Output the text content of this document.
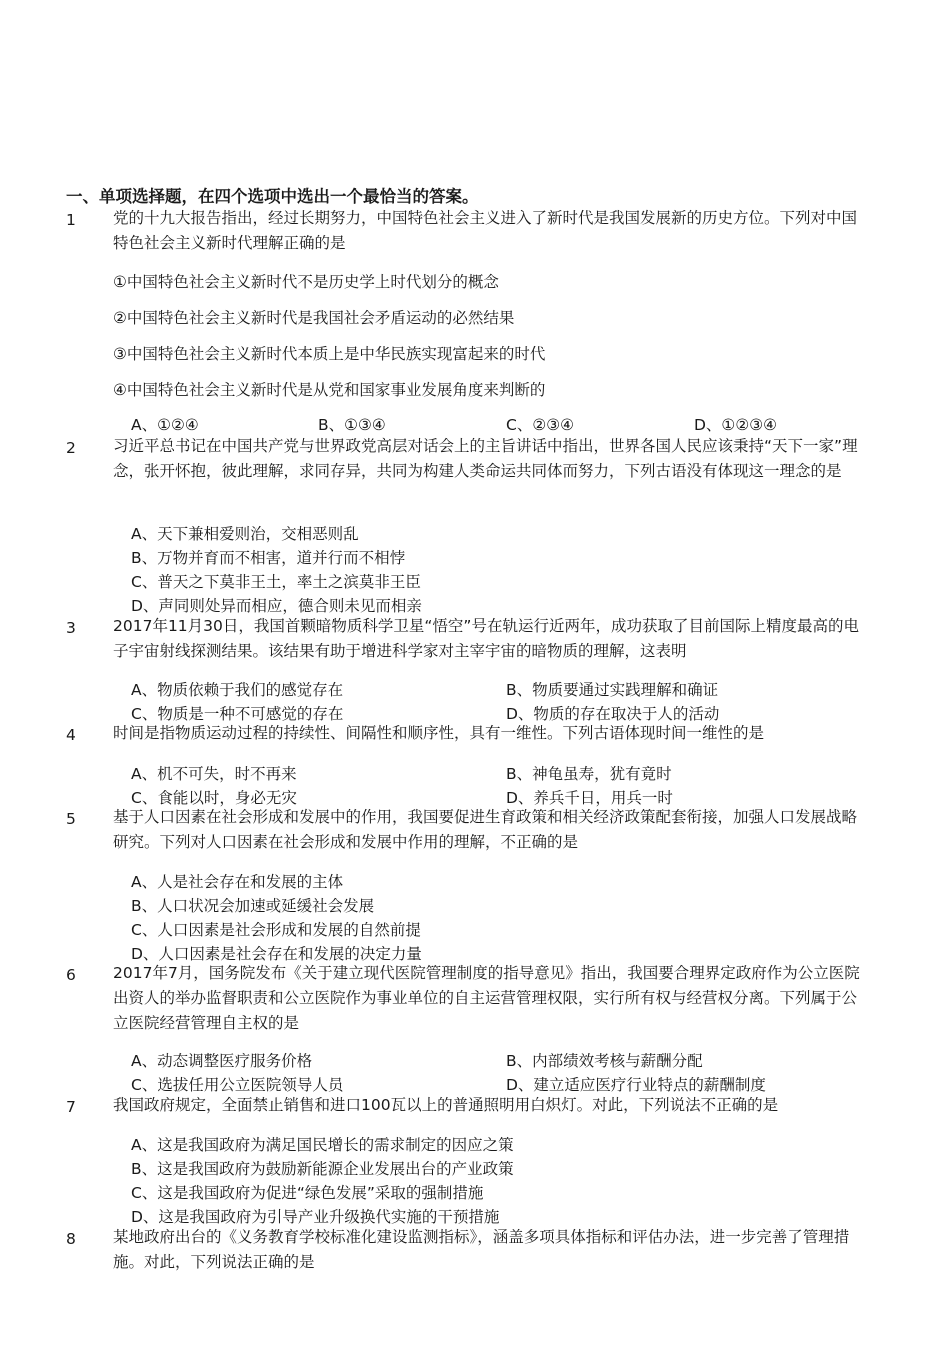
一、单项选择题，在四个选项中选出一个最恰当的答案。
1 党的十九大报告指出，经过长期努力，中国特色社会主义进入了新时代是我国发展新的历史方位。下列对中国特色社会主义新时代理解正确的是
①中国特色社会主义新时代不是历史学上时代划分的概念
②中国特色社会主义新时代是我国社会矛盾运动的必然结果
③中国特色社会主义新时代本质上是中华民族实现富起来的时代
④中国特色社会主义新时代是从党和国家事业发展角度来判断的
A、①②④	B、①③④	C、②③④	D、①②③④
2 习近平总书记在中国共产党与世界政党高层对话会上的主旨讲话中指出，世界各国人民应该秉持“天下一家”理念，张开怀抱，彼此理解，求同存异，共同为构建人类命运共同体而努力，下列古语没有体现这一理念的是
A、天下兼相爱则治，交相恶则乱
B、万物并育而不相害，道并行而不相悖
C、普天之下莫非王土，率土之滨莫非王臣
D、声同则处异而相应，德合则未见而相亲
3 2017年11月30日，我国首颗暗物质科学卫星“悟空”号在轨运行近两年，成功获取了目前国际上精度最高的电子宇宙射线探测结果。该结果有助于增进科学家对主宰宇宙的暗物质的理解，这表明
A、物质依赖于我们的感觉存在	B、物质要通过实践理解和确证
C、物质是一种不可感觉的存在	D、物质的存在取决于人的活动
4 时间是指物质运动过程的持续性、间隔性和顺序性，具有一维性。下列古语体现时间一维性的是
A、机不可失，时不再来	B、神龟虽寿，犹有竟时
C、食能以时，身必无灾	D、养兵千日，用兵一时
5 基于人口因素在社会形成和发展中的作用，我国要促进生育政策和相关经济政策配套衔接，加强人口发展战略研究。下列对人口因素在社会形成和发展中作用的理解，不正确的是
A、人是社会存在和发展的主体
B、人口状况会加速或延缓社会发展
C、人口因素是社会形成和发展的自然前提
D、人口因素是社会存在和发展的决定力量
6 2017年7月，国务院发布《关于建立现代医院管理制度的指导意见》指出，我国要合理界定政府作为公立医院出资人的举办监督职责和公立医院作为事业单位的自主运营管理权限，实行所有权与经营权分离。下列属于公立医院经营管理自主权的是
A、动态调整医疗服务价格	B、内部绩效考核与薪酬分配
C、选拔任用公立医院领导人员	D、建立适应医疗行业特点的薪酬制度
7 我国政府规定，全面禁止销售和进口100瓦以上的普通照明用白炽灯。对此，下列说法不正确的是
A、这是我国政府为满足国民增长的需求制定的因应之策
B、这是我国政府为鼓励新能源企业发展出台的产业政策
C、这是我国政府为促进“绿色发展”采取的强制措施
D、这是我国政府为引导产业升级换代实施的干预措施
8 某地政府出台的《义务教育学校标准化建设监测指标》，涵盖多项具体指标和评估办法，进一步完善了管理措施。对此，下列说法正确的是
